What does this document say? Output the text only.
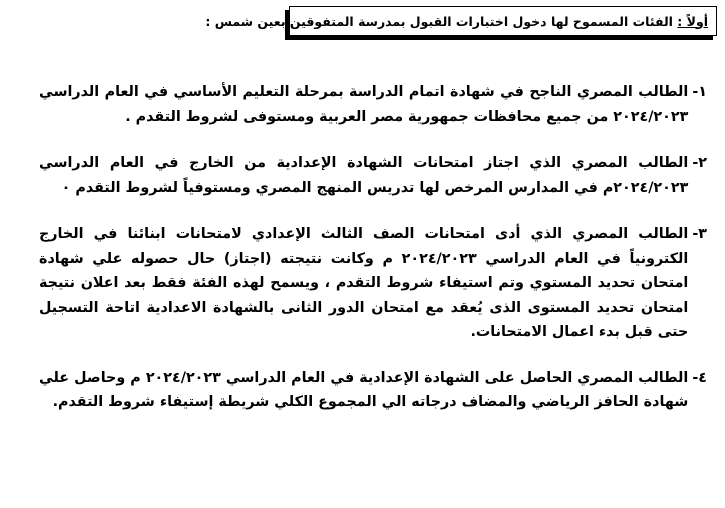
أولاً : الفئات المسموح لها دخول اختبارات القبول بمدرسة المتفوقين بعين شمس :
١-
الطالب المصري الناجح في شهادة اتمام الدراسة بمرحلة التعليم الأساسي في العام الدراسي ٢٠٢٤/٢٠٢٣ من جميع محافظات جمهورية مصر العربية ومستوفى لشروط التقدم .
٢-
الطالب المصري الذي اجتاز امتحانات الشهادة الإعدادية من الخارج في العام الدراسي ٢٠٢٤/٢٠٢٣م في المدارس المرخص لها تدريس المنهج المصري ومستوفياً لشروط التقدم ٠
٣-
الطالب المصري الذي أدى امتحانات الصف الثالث الإعدادي لامتحانات ابنائنا في الخارج الكترونياً في العام الدراسي ٢٠٢٤/٢٠٢٣ م وكانت نتيجته (اجتاز) حال حصوله علي شهادة امتحان تحديد المستوي وتم استيفاء شروط التقدم ، ويسمح لهذه الفئة فقط بعد اعلان نتيجة امتحان تحديد المستوى الذى يُعقد مع امتحان الدور الثانى بالشهادة الاعدادية اتاحة التسجيل حتى قبل بدء اعمال الامتحانات.
٤-
الطالب المصري الحاصل على الشهادة الإعدادية في العام الدراسي ٢٠٢٤/٢٠٢٣ م وحاصل علي شهادة الحافز الرياضي والمضاف درجاته الي المجموع الكلي شريطة إستيفاء شروط التقدم.
